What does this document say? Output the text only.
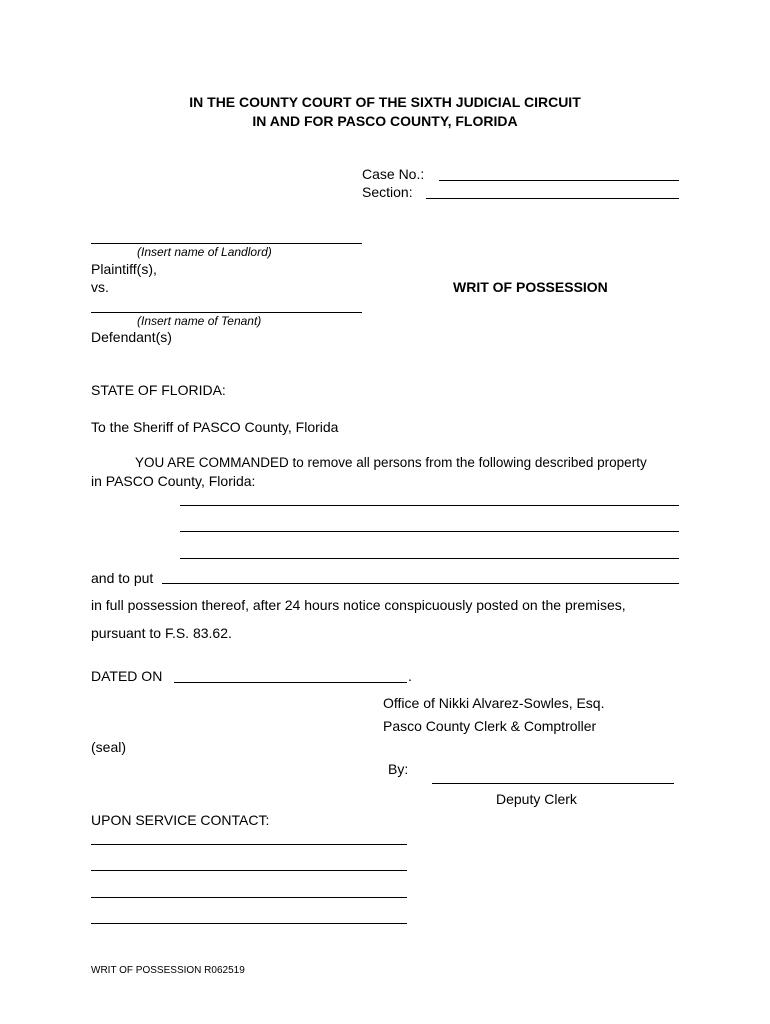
IN THE COUNTY COURT OF THE SIXTH JUDICIAL CIRCUIT
IN AND FOR PASCO COUNTY, FLORIDA
Case No.:
Section:
(Insert name of Landlord)
Plaintiff(s),
vs.	WRIT OF POSSESSION
(Insert name of Tenant)
Defendant(s)
STATE OF FLORIDA:
To the Sheriff of PASCO County, Florida
YOU ARE COMMANDED to remove all persons from the following described property
in PASCO County, Florida:
and to put
in full possession thereof, after 24 hours notice conspicuously posted on the premises,
pursuant to F.S. 83.62.
DATED ON	.
Office of Nikki Alvarez-Sowles, Esq.
Pasco County Clerk & Comptroller
(seal)
By:
Deputy Clerk
UPON SERVICE CONTACT:
WRIT OF POSSESSION R062519
